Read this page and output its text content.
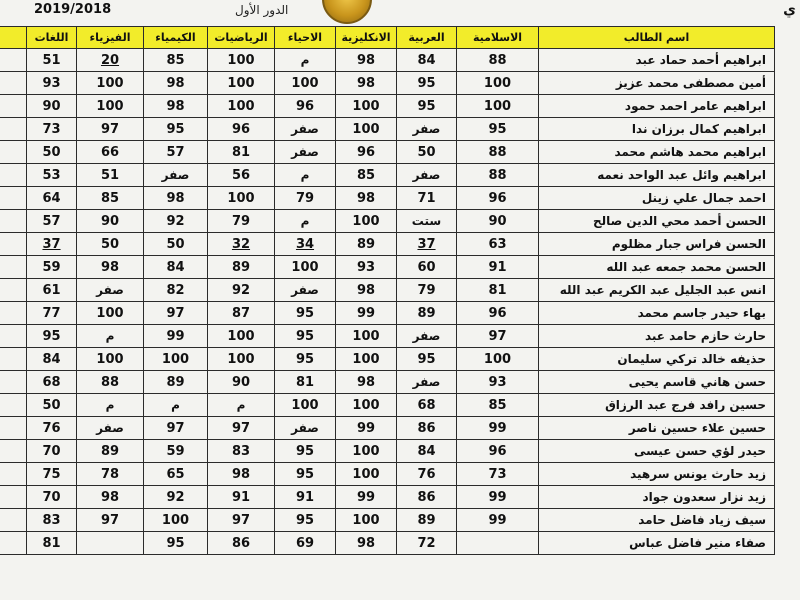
2019/2018	الدور الأول	ي
اسم الطالب	الاسلامية	العربية	الانكليزية	الاحياء	الرياضيات	الكيمياء	الفيزياء	اللغات	
ابراهيم أحمد حماد عبد	88	84	98	م	100	85	20	51	
أمين مصطفى محمد عزيز	100	95	98	100	100	98	100	93	
ابراهيم عامر احمد حمود	100	95	100	96	100	98	100	90	
ابراهيم كمال برزان ندا	95	صفر	100	صفر	96	95	97	73	
ابراهيم محمد هاشم محمد	88	50	96	صفر	81	57	66	50	
ابراهيم وائل عبد الواحد نعمه	88	صفر	85	م	56	صفر	51	53	
احمد جمال علي زينل	96	71	98	79	100	98	85	64	
الحسن أحمد محي الدين صالح	90	ستت	100	م	79	92	90	57	
الحسن فراس جبار مظلوم	63	37	89	34	32	50	50	37	
الحسن محمد جمعه عبد الله	91	60	93	100	89	84	98	59	
انس عبد الجليل عبد الكريم عبد الله	81	79	98	صفر	92	82	صفر	61	
بهاء حيدر جاسم محمد	96	89	99	95	87	97	100	77	
حارث حازم حامد عبد	97	صفر	100	95	100	99	م	95	
حذيفه خالد تركي سليمان	100	95	100	95	100	100	100	84	
حسن هاني قاسم يحيى	93	صفر	98	81	90	89	88	68	
حسين رافد فرج عبد الرزاق	85	68	100	100	م	م	م	50	
حسين علاء حسين ناصر	99	86	99	صفر	97	97	صفر	76	
حيدر لؤي حسن عيسى	96	84	100	95	83	59	89	70	
زيد حارث يونس سرهيد	73	76	100	95	98	65	78	75	
زيد نزار سعدون جواد	99	86	99	91	91	92	98	70	
سيف زياد فاضل حامد	99	89	100	95	97	100	97	83	
صفاء منير فاضل عباس		72	98	69	86	95		81	
